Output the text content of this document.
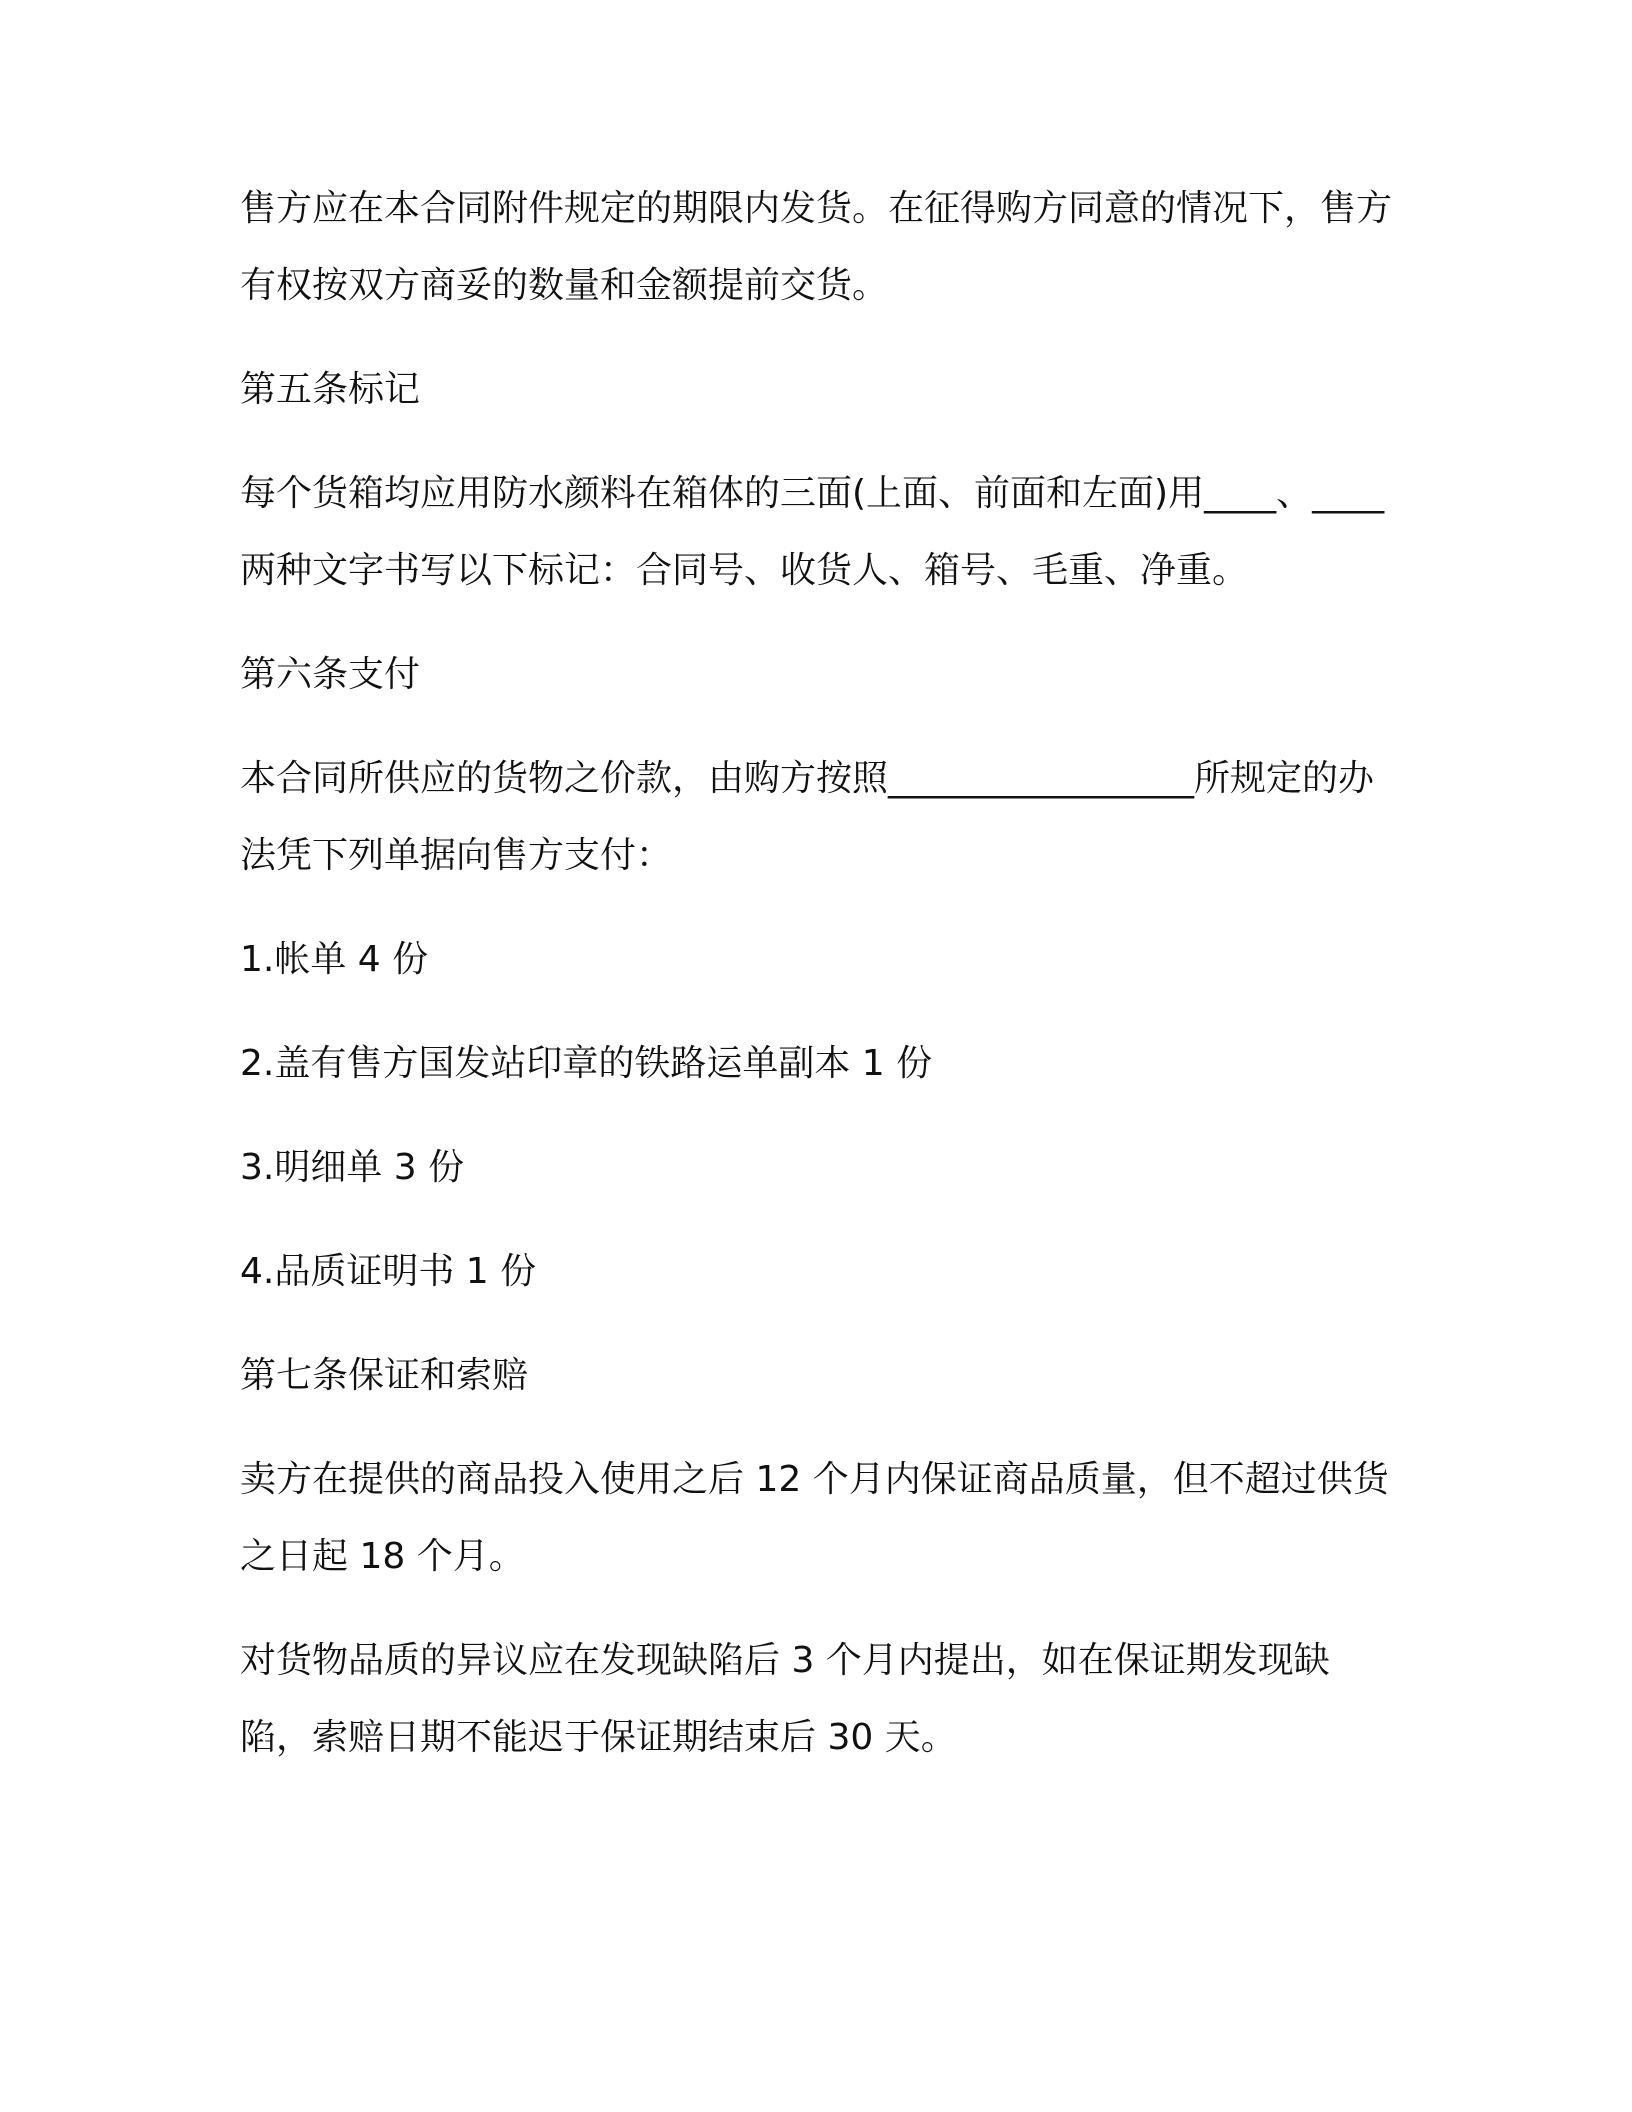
售方应在本合同附件规定的期限内发货。在征得购方同意的情况下，售方有权按双方商妥的数量和金额提前交货。

第五条标记

每个货箱均应用防水颜料在箱体的三面(上面、前面和左面)用____、____两种文字书写以下标记：合同号、收货人、箱号、毛重、净重。

第六条支付

本合同所供应的货物之价款，由购方按照_________________所规定的办法凭下列单据向售方支付：

1.帐单 4 份

2.盖有售方国发站印章的铁路运单副本 1 份

3.明细单 3 份

4.品质证明书 1 份

第七条保证和索赔

卖方在提供的商品投入使用之后 12 个月内保证商品质量，但不超过供货之日起 18 个月。

对货物品质的异议应在发现缺陷后 3 个月内提出，如在保证期发现缺陷，索赔日期不能迟于保证期结束后 30 天。
